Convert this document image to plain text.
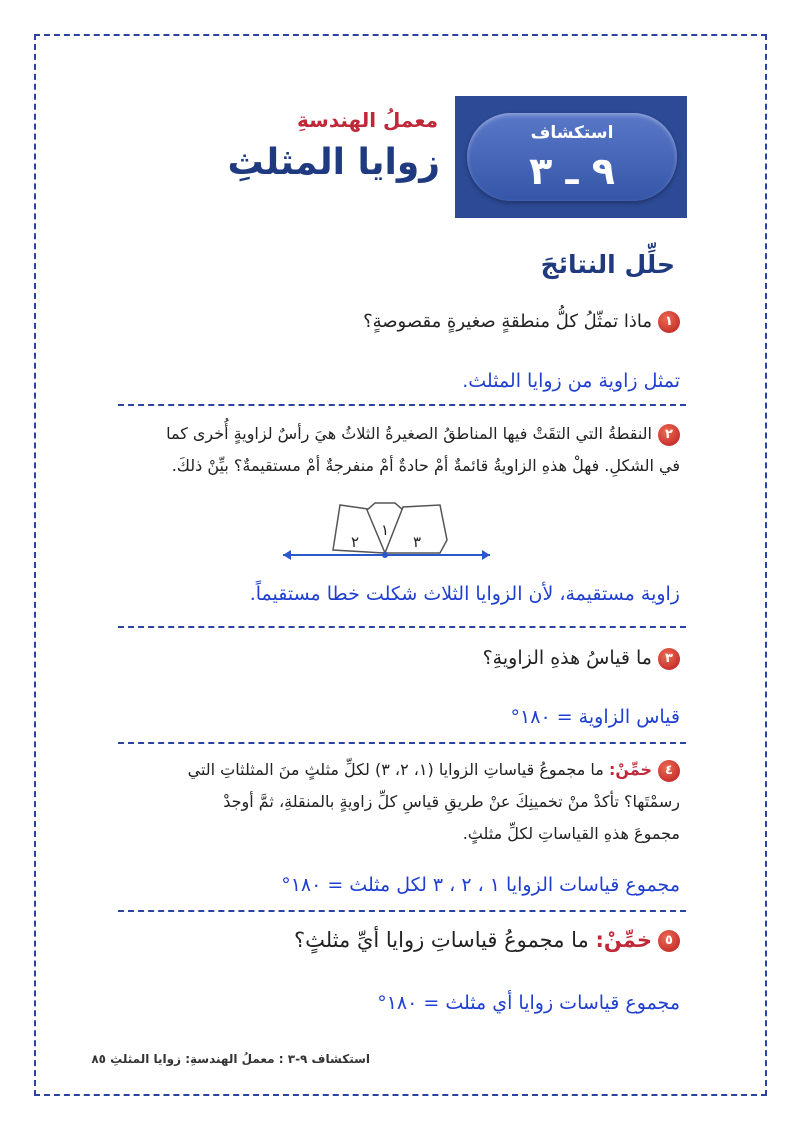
استكشاف
٩ ـ ٣
معملُ الهندسةِ
زوايا المثلثِ
حلِّل النتائجَ
١ماذا تمثّلُ كلُّ منطقةٍ صغيرةٍ مقصوصةٍ؟
تمثل زاوية من زوايا المثلث.
٢النقطةُ التي التقَتْ فيها المناطقُ الصغيرةُ الثلاثُ هيَ رأسٌ لزاويةٍ أُخرى كما
في الشكلِ. فهلْ هذهِ الزاويةُ قائمةٌ أمْ حادةٌ أمْ منفرجةٌ أمْ مستقيمةٌ؟ بيِّنْ ذلكَ.
٢
١
٣
زاوية مستقيمة، لأن الزوايا الثلاث شكلت خطا مستقيماً.
٣ما قياسُ هذهِ الزاويةِ؟
قياس الزاوية = ١٨٠°
٤خمِّنْ: ما مجموعُ قياساتِ الزوايا (١، ٢، ٣) لكلِّ مثلثٍ منَ المثلثاتِ التي
رسمْتَها؟ تأكدْ منْ تخمينِكَ عنْ طريقِ قياسِ كلِّ زاويةٍ بالمنقلةِ، ثمَّ أوجدْ
مجموعَ هذهِ القياساتِ لكلِّ مثلثٍ.
مجموع قياسات الزوايا ١ ، ٢ ، ٣ لكل مثلث = ١٨٠°
٥خمِّنْ: ما مجموعُ قياساتِ زوايا أيِّ مثلثٍ؟
مجموع قياسات زوايا أي مثلث = ١٨٠°
استكشاف ٩-٣ : معملُ الهندسةِ: زوايا المثلثِ ٨٥
